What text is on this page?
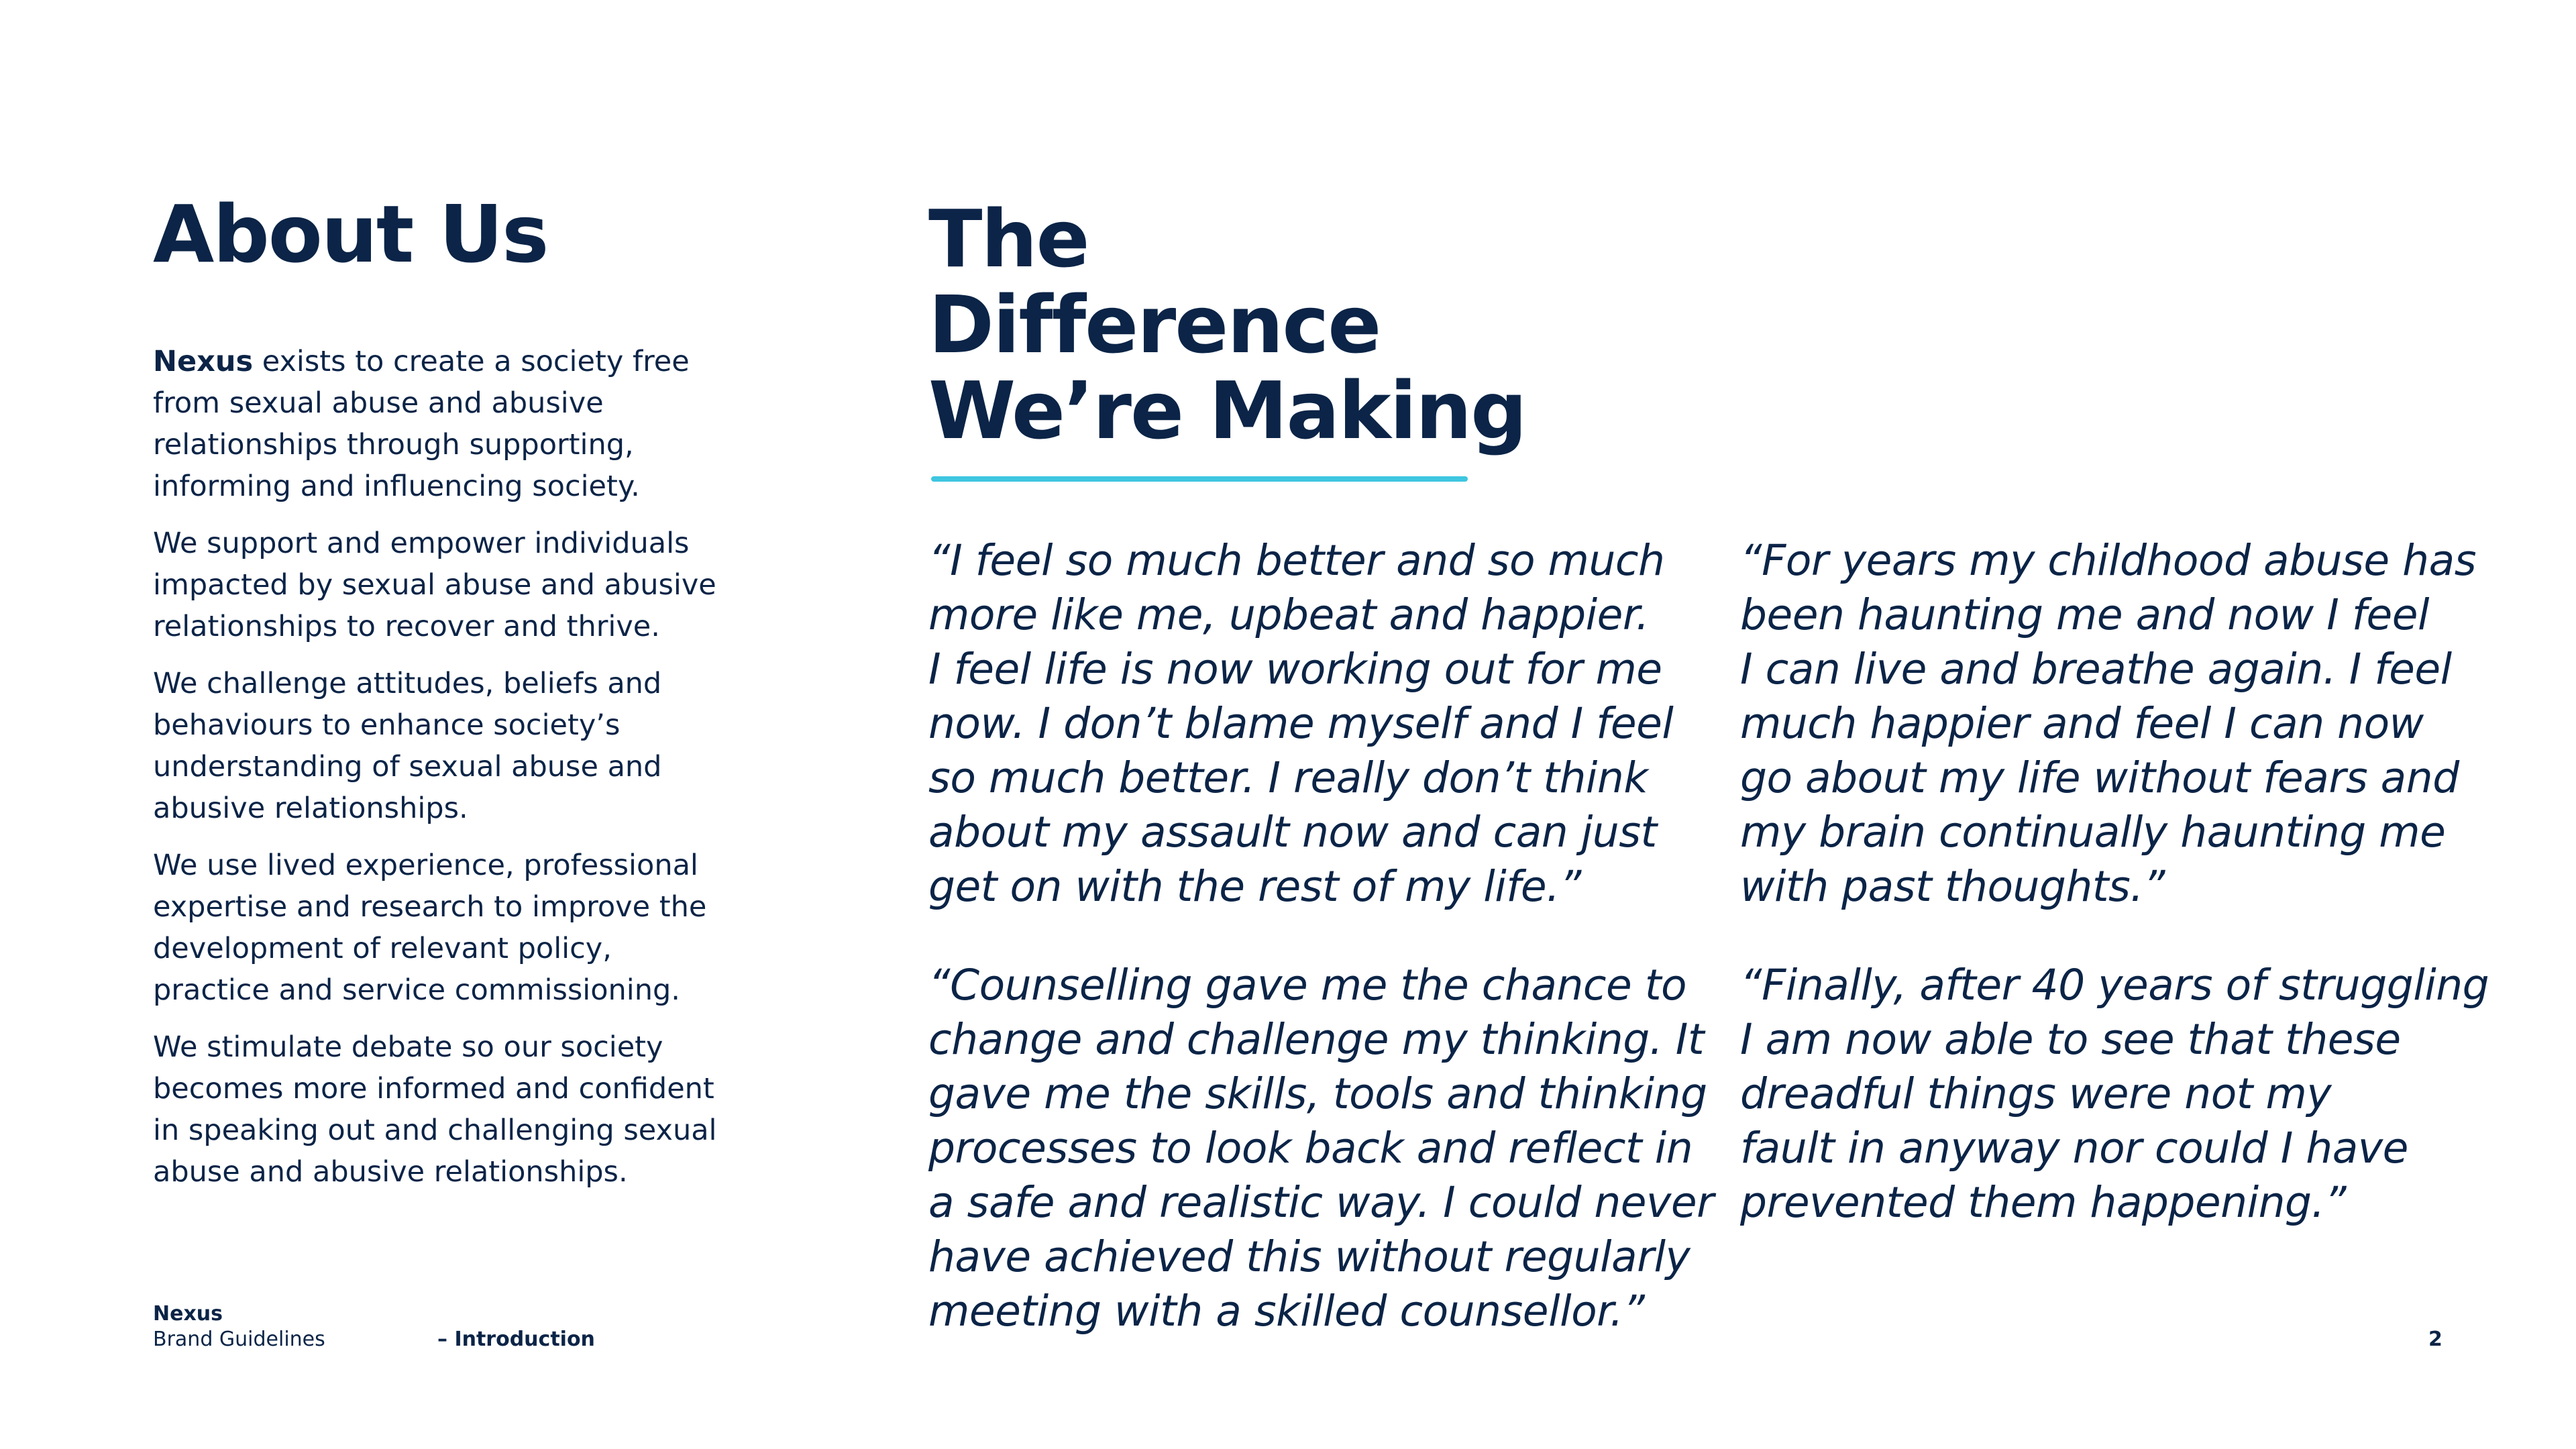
About Us

Nexus exists to create a society free from sexual abuse and abusive relationships through supporting, informing and influencing society.

We support and empower individuals impacted by sexual abuse and abusive relationships to recover and thrive.

We challenge attitudes, beliefs and behaviours to enhance society’s understanding of sexual abuse and abusive relationships.

We use lived experience, professional expertise and research to improve the development of relevant policy, practice and service commissioning.

We stimulate debate so our society becomes more informed and confident in speaking out and challenging sexual abuse and abusive relationships.

The
Difference
We’re Making
“I feel so much better and so much
more like me, upbeat and happier.
I feel life is now working out for me
now. I don’t blame myself and I feel
so much better. I really don’t think
about my assault now and can just
get on with the rest of my life.”
“For years my childhood abuse has
been haunting me and now I feel
I can live and breathe again. I feel
much happier and feel I can now
go about my life without fears and
my brain continually haunting me
with past thoughts.”
“Counselling gave me the chance to
change and challenge my thinking. It
gave me the skills, tools and thinking
processes to look back and reflect in
a safe and realistic way. I could never
have achieved this without regularly
meeting with a skilled counsellor.”
“Finally, after 40 years of struggling
I am now able to see that these
dreadful things were not my
fault in anyway nor could I have
prevented them happening.”
Nexus
Brand Guidelines	– Introduction	2
